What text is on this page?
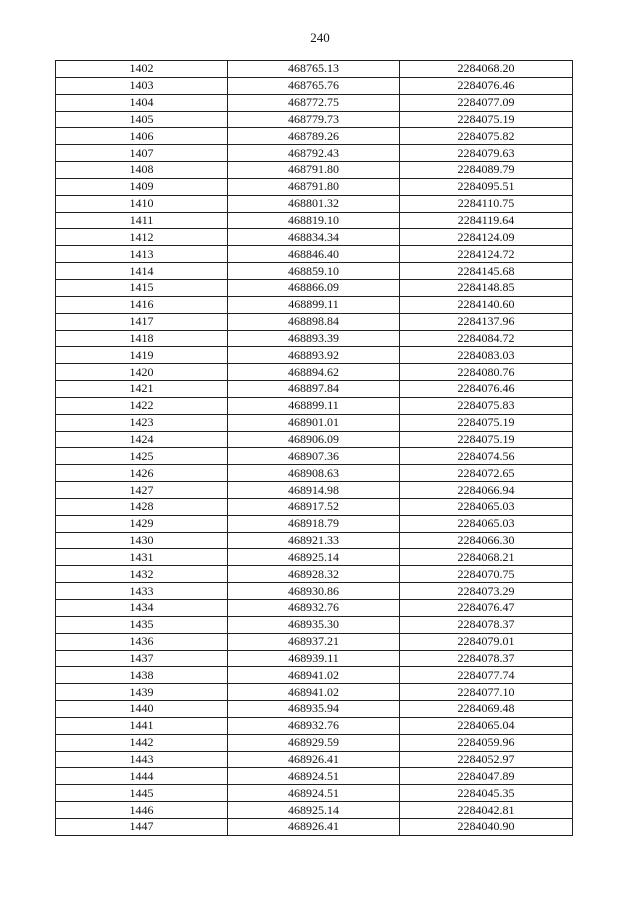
240
1402	468765.13	2284068.20
1403	468765.76	2284076.46
1404	468772.75	2284077.09
1405	468779.73	2284075.19
1406	468789.26	2284075.82
1407	468792.43	2284079.63
1408	468791.80	2284089.79
1409	468791.80	2284095.51
1410	468801.32	2284110.75
1411	468819.10	2284119.64
1412	468834.34	2284124.09
1413	468846.40	2284124.72
1414	468859.10	2284145.68
1415	468866.09	2284148.85
1416	468899.11	2284140.60
1417	468898.84	2284137.96
1418	468893.39	2284084.72
1419	468893.92	2284083.03
1420	468894.62	2284080.76
1421	468897.84	2284076.46
1422	468899.11	2284075.83
1423	468901.01	2284075.19
1424	468906.09	2284075.19
1425	468907.36	2284074.56
1426	468908.63	2284072.65
1427	468914.98	2284066.94
1428	468917.52	2284065.03
1429	468918.79	2284065.03
1430	468921.33	2284066.30
1431	468925.14	2284068.21
1432	468928.32	2284070.75
1433	468930.86	2284073.29
1434	468932.76	2284076.47
1435	468935.30	2284078.37
1436	468937.21	2284079.01
1437	468939.11	2284078.37
1438	468941.02	2284077.74
1439	468941.02	2284077.10
1440	468935.94	2284069.48
1441	468932.76	2284065.04
1442	468929.59	2284059.96
1443	468926.41	2284052.97
1444	468924.51	2284047.89
1445	468924.51	2284045.35
1446	468925.14	2284042.81
1447	468926.41	2284040.90
